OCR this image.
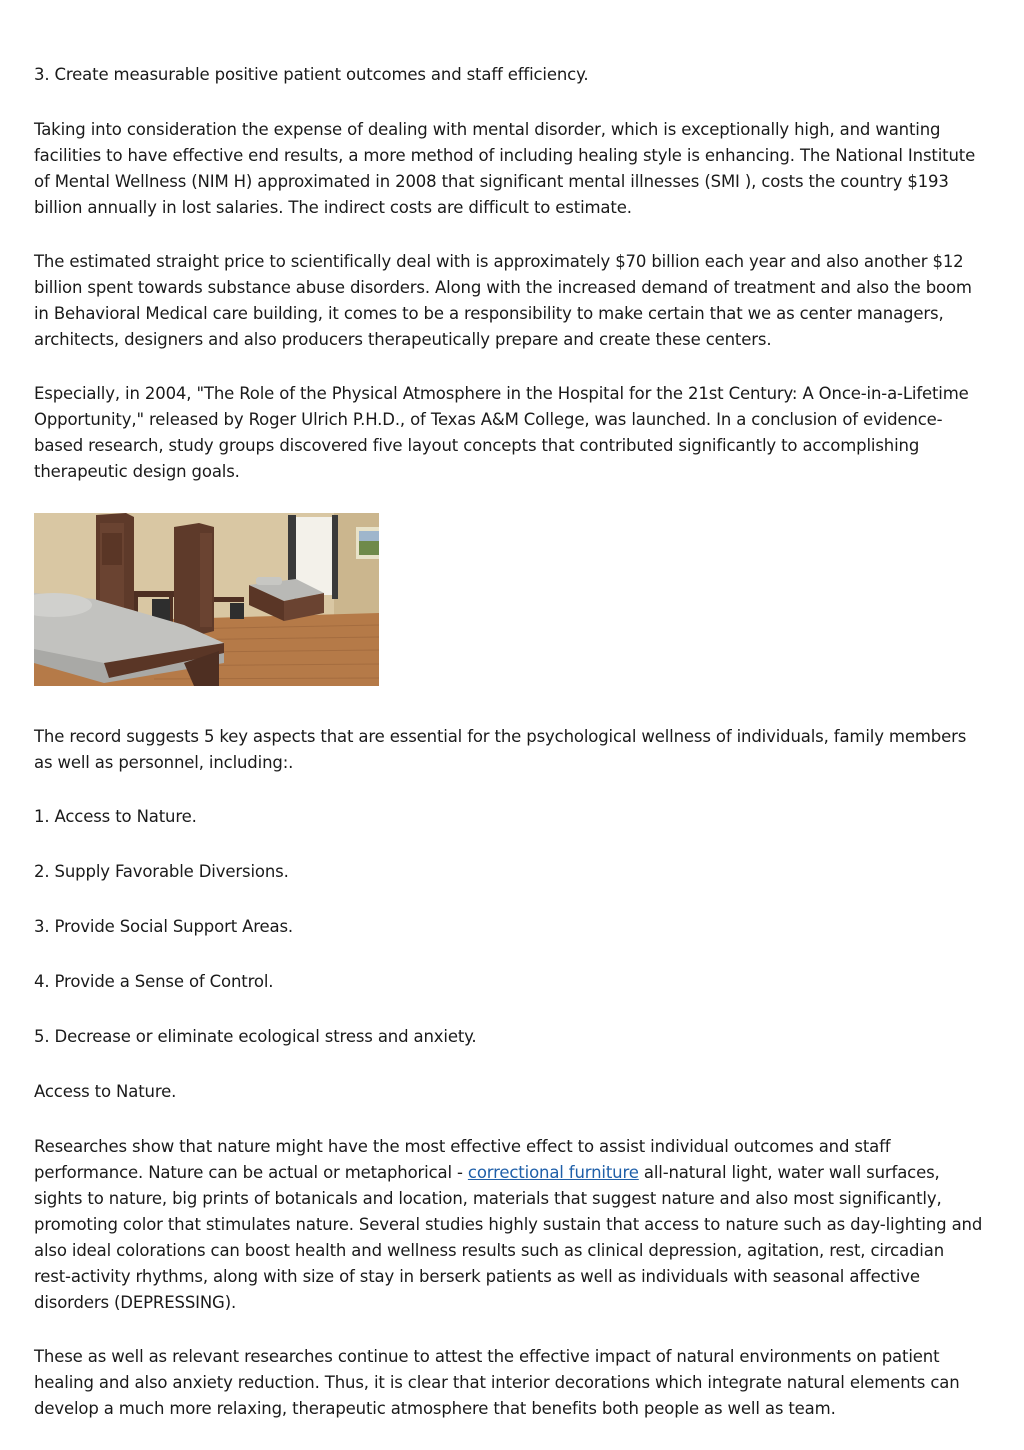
3. Create measurable positive patient outcomes and staff efficiency.

Taking into consideration the expense of dealing with mental disorder, which is exceptionally high, and wanting facilities to have effective end results, a more method of including healing style is enhancing. The National Institute of Mental Wellness (NIM H) approximated in 2008 that significant mental illnesses (SMI ), costs the country $193 billion annually in lost salaries. The indirect costs are difficult to estimate.

The estimated straight price to scientifically deal with is approximately $70 billion each year and also another $12 billion spent towards substance abuse disorders. Along with the increased demand of treatment and also the boom in Behavioral Medical care building, it comes to be a responsibility to make certain that we as center managers, architects, designers and also producers therapeutically prepare and create these centers.

Especially, in 2004, "The Role of the Physical Atmosphere in the Hospital for the 21st Century: A Once-in-a-Lifetime Opportunity," released by Roger Ulrich P.H.D., of Texas A&M College, was launched. In a conclusion of evidence-based research, study groups discovered five layout concepts that contributed significantly to accomplishing therapeutic design goals.

The record suggests 5 key aspects that are essential for the psychological wellness of individuals, family members as well as personnel, including:.

1. Access to Nature.

2. Supply Favorable Diversions.

3. Provide Social Support Areas.

4. Provide a Sense of Control.

5. Decrease or eliminate ecological stress and anxiety.

Access to Nature.

Researches show that nature might have the most effective effect to assist individual outcomes and staff performance. Nature can be actual or metaphorical - correctional furniture all-natural light, water wall surfaces, sights to nature, big prints of botanicals and location, materials that suggest nature and also most significantly, promoting color that stimulates nature. Several studies highly sustain that access to nature such as day-lighting and also ideal colorations can boost health and wellness results such as clinical depression, agitation, rest, circadian rest-activity rhythms, along with size of stay in berserk patients as well as individuals with seasonal affective disorders (DEPRESSING).

These as well as relevant researches continue to attest the effective impact of natural environments on patient healing and also anxiety reduction. Thus, it is clear that interior decorations which integrate natural elements can develop a much more relaxing, therapeutic atmosphere that benefits both people as well as team.
